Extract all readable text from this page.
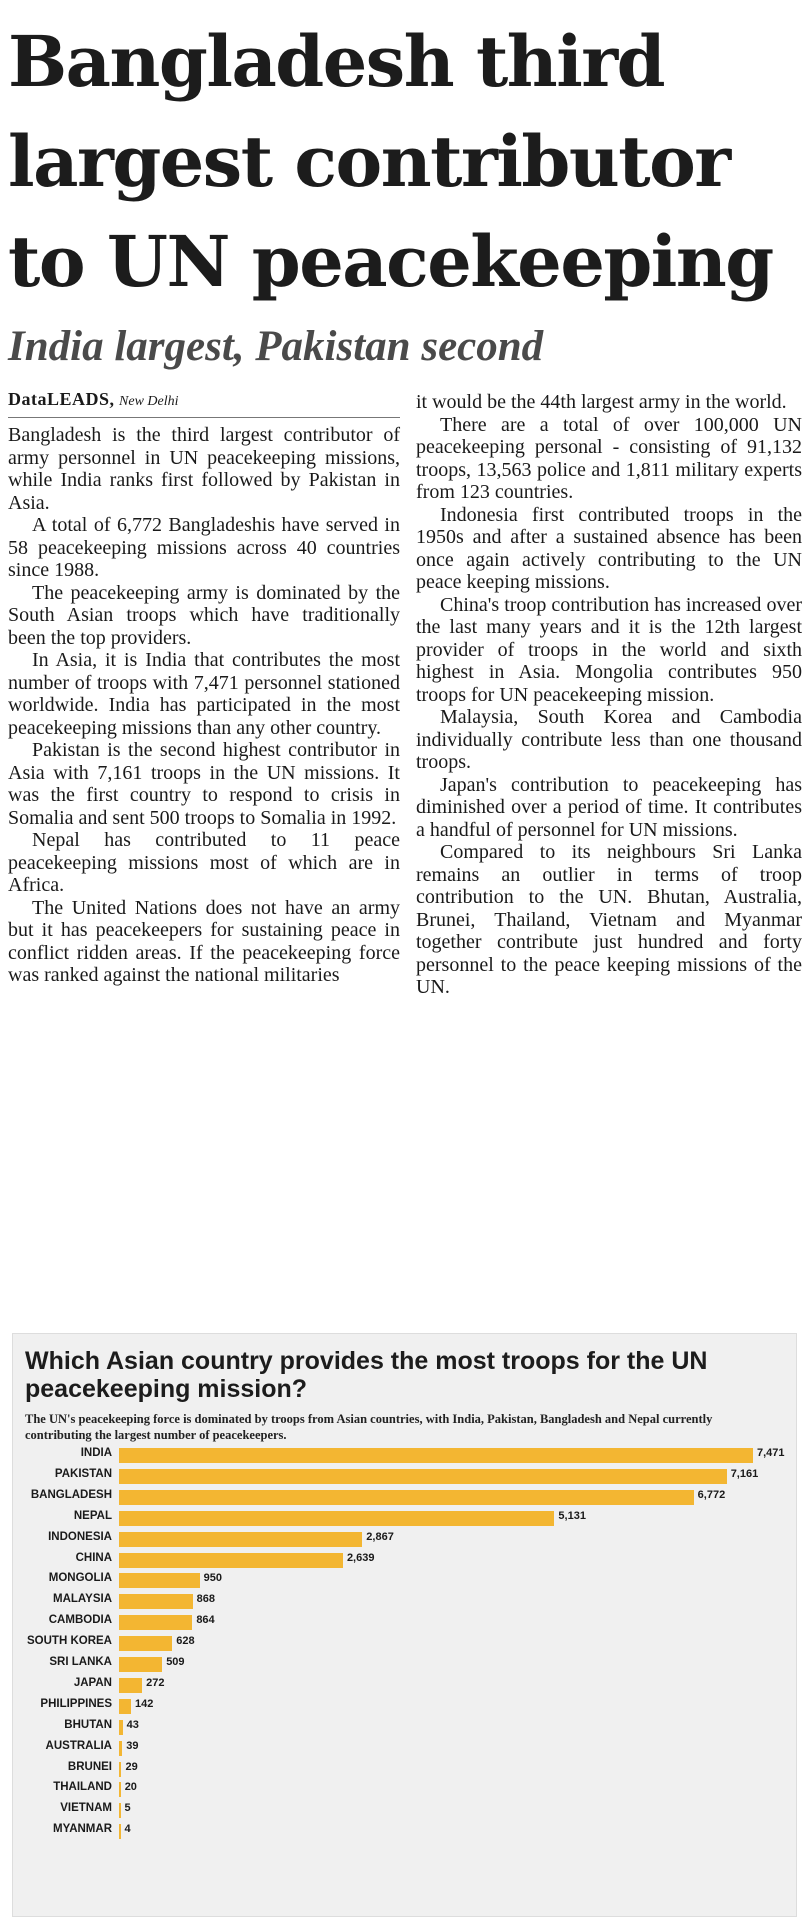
Bangladesh third
largest contributor
to UN peacekeeping
India largest, Pakistan second
DataLEADS, New Delhi

Bangladesh is the third largest contributor of army personnel in UN peacekeeping missions, while India ranks first followed by Pakistan in Asia.

A total of 6,772 Bangladeshis have served in 58 peacekeeping missions across 40 countries since 1988.

The peacekeeping army is dominated by the South Asian troops which have traditionally been the top providers.

In Asia, it is India that contributes the most number of troops with 7,471 personnel stationed worldwide. India has participated in the most peacekeeping missions than any other country.

Pakistan is the second highest contributor in Asia with 7,161 troops in the UN missions. It was the first country to respond to crisis in Somalia and sent 500 troops to Somalia in 1992.

Nepal has contributed to 11 peace peacekeeping missions most of which are in Africa.

The United Nations does not have an army but it has peacekeepers for sustaining peace in conflict ridden areas. If the peacekeeping force was ranked against the national militaries

it would be the 44th largest army in the world.

There are a total of over 100,000 UN peacekeeping personal - consisting of 91,132 troops, 13,563 police and 1,811 military experts from 123 countries.

Indonesia first contributed troops in the 1950s and after a sustained absence has been once again actively contributing to the UN peace keeping missions.

China's troop contribution has increased over the last many years and it is the 12th largest provider of troops in the world and sixth highest in Asia. Mongolia contributes 950 troops for UN peacekeeping mission.

Malaysia, South Korea and Cambodia individually contribute less than one thousand troops.

Japan's contribution to peacekeeping has diminished over a period of time. It contributes a handful of personnel for UN missions.

Compared to its neighbours Sri Lanka remains an outlier in terms of troop contribution to the UN. Bhutan, Australia, Brunei, Thailand, Vietnam and Myanmar together contribute just hundred and forty personnel to the peace keeping missions of the UN.

Which Asian country provides the most troops for the UN peacekeeping mission?
The UN's peacekeeping force is dominated by troops from Asian countries, with India, Pakistan, Bangladesh and Nepal currently contributing the largest number of peacekeepers.
INDIA	7,471
PAKISTAN	7,161
BANGLADESH	6,772
NEPAL	5,131
INDONESIA	2,867
CHINA	2,639
MONGOLIA	950
MALAYSIA	868
CAMBODIA	864
SOUTH KOREA	628
SRI LANKA	509
JAPAN	272
PHILIPPINES 142
BHUTAN 43
AUSTRALIA 39
BRUNEI 29
THAILAND 20
VIETNAM 5
MYANMAR 4
